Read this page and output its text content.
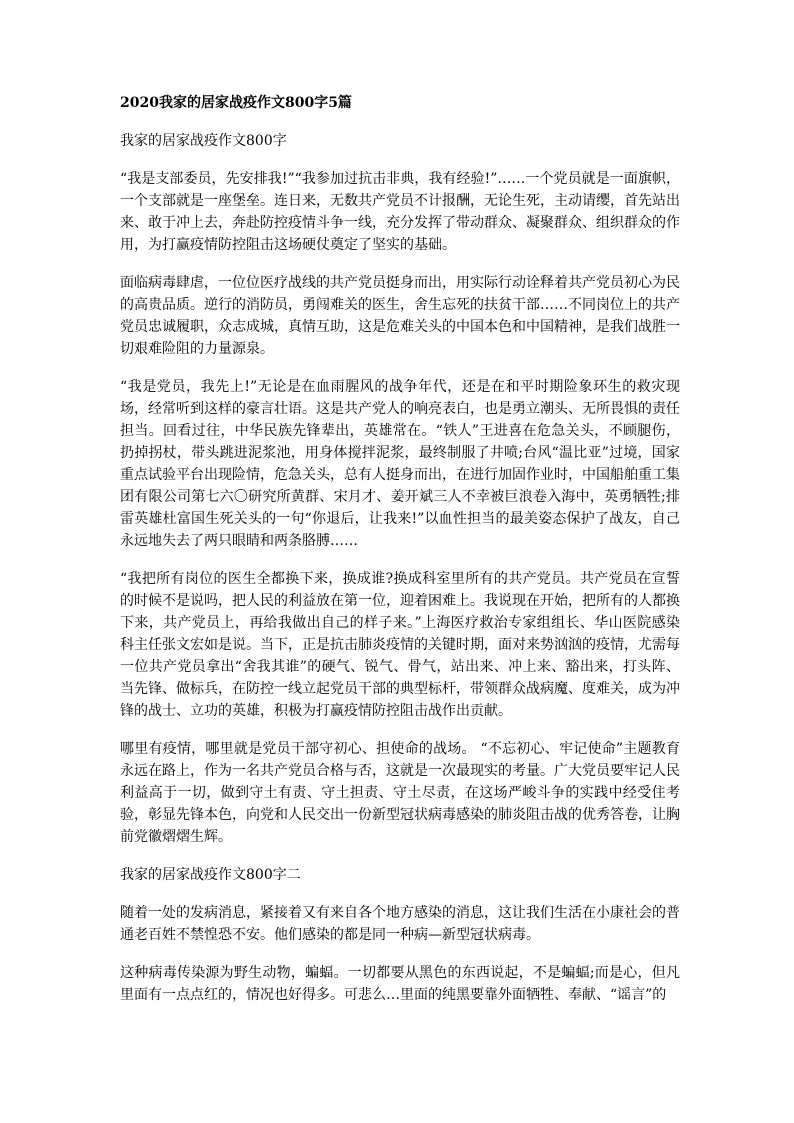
2020我家的居家战疫作文800字5篇
我家的居家战疫作文800字

“我是支部委员，先安排我!”“我参加过抗击非典，我有经验!”……一个党员就是一面旗帜，一个支部就是一座堡垒。连日来，无数共产党员不计报酬，无论生死，主动请缨，首先站出来、敢于冲上去，奔赴防控疫情斗争一线，充分发挥了带动群众、凝聚群众、组织群众的作用，为打赢疫情防控阻击这场硬仗奠定了坚实的基础。

面临病毒肆虐，一位位医疗战线的共产党员挺身而出，用实际行动诠释着共产党员初心为民的高贵品质。逆行的消防员，勇闯难关的医生，舍生忘死的扶贫干部……不同岗位上的共产党员忠诚履职，众志成城，真情互助，这是危难关头的中国本色和中国精神，是我们战胜一切艰难险阻的力量源泉。

“我是党员，我先上!”无论是在血雨腥风的战争年代，还是在和平时期险象环生的救灾现场，经常听到这样的豪言壮语。这是共产党人的响亮表白，也是勇立潮头、无所畏惧的责任担当。回看过往，中华民族先锋辈出，英雄常在。“铁人”王进喜在危急关头，不顾腿伤，扔掉拐杖，带头跳进泥浆池，用身体搅拌泥浆，最终制服了井喷;台风“温比亚”过境，国家重点试验平台出现险情，危急关头，总有人挺身而出，在进行加固作业时，中国船舶重工集团有限公司第七六〇研究所黄群、宋月才、姜开斌三人不幸被巨浪卷入海中，英勇牺牲;排雷英雄杜富国生死关头的一句“你退后，让我来!”以血性担当的最美姿态保护了战友，自己永远地失去了两只眼睛和两条胳膊……

“我把所有岗位的医生全都换下来，换成谁?换成科室里所有的共产党员。共产党员在宣誓的时候不是说吗，把人民的利益放在第一位，迎着困难上。我说现在开始，把所有的人都换下来，共产党员上，再给我做出自己的样子来。”上海医疗救治专家组组长、华山医院感染科主任张文宏如是说。当下，正是抗击肺炎疫情的关键时期，面对来势汹汹的疫情，尤需每一位共产党员拿出“舍我其谁”的硬气、锐气、骨气，站出来、冲上来、豁出来，打头阵、当先锋、做标兵，在防控一线立起党员干部的典型标杆，带领群众战病魔、度难关，成为冲锋的战士、立功的英雄，积极为打赢疫情防控阻击战作出贡献。

哪里有疫情，哪里就是党员干部守初心、担使命的战场。 “不忘初心、牢记使命”主题教育永远在路上，作为一名共产党员合格与否，这就是一次最现实的考量。广大党员要牢记人民利益高于一切，做到守土有责、守土担责、守土尽责，在这场严峻斗争的实践中经受住考验，彰显先锋本色，向党和人民交出一份新型冠状病毒感染的肺炎阻击战的优秀答卷，让胸前党徽熠熠生辉。

我家的居家战疫作文800字二

随着一处的发病消息，紧接着又有来自各个地方感染的消息，这让我们生活在小康社会的普通老百姓不禁惶恐不安。他们感染的都是同一种病—新型冠状病毒。

这种病毒传染源为野生动物，蝙蝠。一切都要从黑色的东西说起，不是蝙蝠;而是心，但凡里面有一点点红的，情况也好得多。可悲么…里面的纯黑要靠外面牺牲、奉献、“谣言”的
